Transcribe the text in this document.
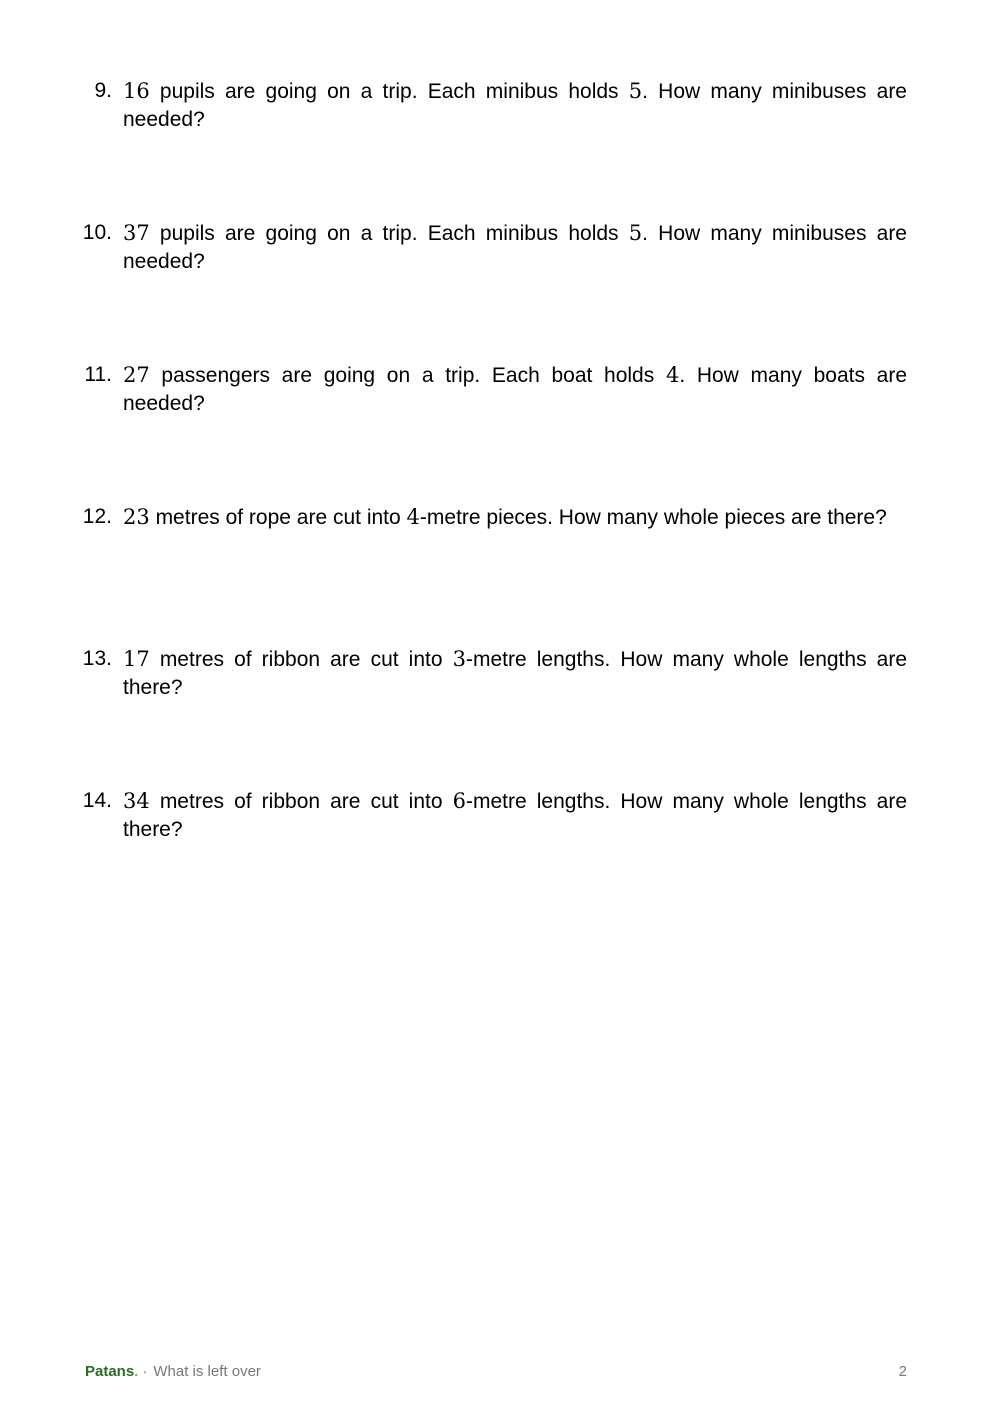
9. 16 pupils are going on a trip. Each minibus holds 5. How many minibuses are needed?
10. 37 pupils are going on a trip. Each minibus holds 5. How many minibuses are needed?
11. 27 passengers are going on a trip. Each boat holds 4. How many boats are needed?
12. 23 metres of rope are cut into 4-metre pieces. How many whole pieces are there?
13. 17 metres of ribbon are cut into 3-metre lengths. How many whole lengths are there?
14. 34 metres of ribbon are cut into 6-metre lengths. How many whole lengths are there?
Patans. · What is left over	2
